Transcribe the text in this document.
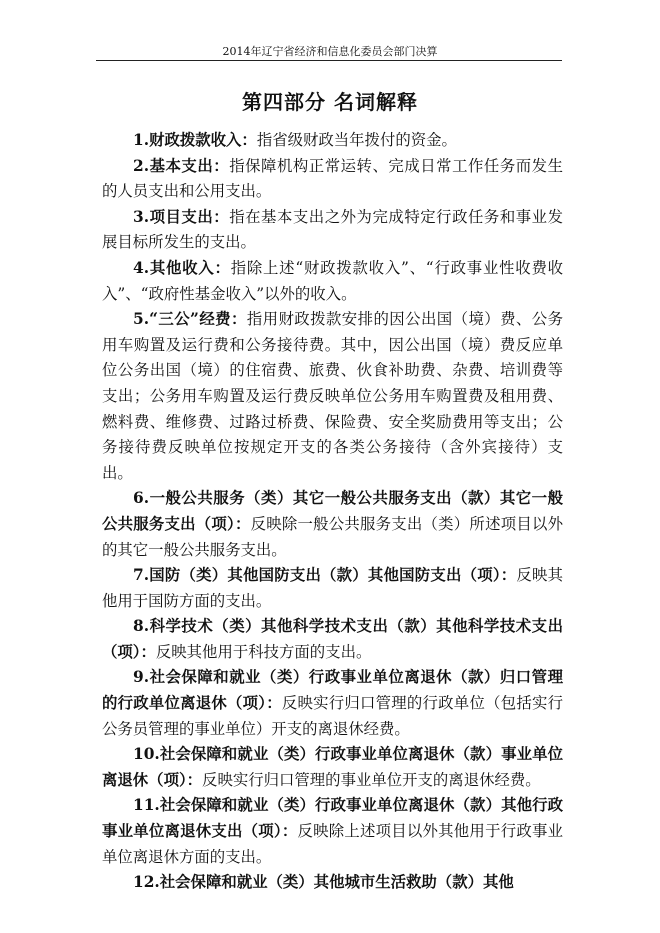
2014年辽宁省经济和信息化委员会部门决算
第四部分 名词解释

1.财政拨款收入：指省级财政当年拨付的资金。

2.基本支出：指保障机构正常运转、完成日常工作任务而发生的人员支出和公用支出。

3.项目支出：指在基本支出之外为完成特定行政任务和事业发展目标所发生的支出。

4.其他收入：指除上述“财政拨款收入”、“行政事业性收费收入”、“政府性基金收入”以外的收入。

5.“三公”经费：指用财政拨款安排的因公出国（境）费、公务用车购置及运行费和公务接待费。其中，因公出国（境）费反应单位公务出国（境）的住宿费、旅费、伙食补助费、杂费、培训费等支出；公务用车购置及运行费反映单位公务用车购置费及租用费、燃料费、维修费、过路过桥费、保险费、安全奖励费用等支出；公务接待费反映单位按规定开支的各类公务接待（含外宾接待）支出。

6.一般公共服务（类）其它一般公共服务支出（款）其它一般公共服务支出（项）：反映除一般公共服务支出（类）所述项目以外的其它一般公共服务支出。

7.国防（类）其他国防支出（款）其他国防支出（项）：反映其他用于国防方面的支出。

8.科学技术（类）其他科学技术支出（款）其他科学技术支出（项）：反映其他用于科技方面的支出。

9.社会保障和就业（类）行政事业单位离退休（款）归口管理的行政单位离退休（项）：反映实行归口管理的行政单位（包括实行公务员管理的事业单位）开支的离退休经费。

10.社会保障和就业（类）行政事业单位离退休（款）事业单位离退休（项）：反映实行归口管理的事业单位开支的离退休经费。

11.社会保障和就业（类）行政事业单位离退休（款）其他行政事业单位离退休支出（项）：反映除上述项目以外其他用于行政事业单位离退休方面的支出。

12.社会保障和就业（类）其他城市生活救助（款）其他
